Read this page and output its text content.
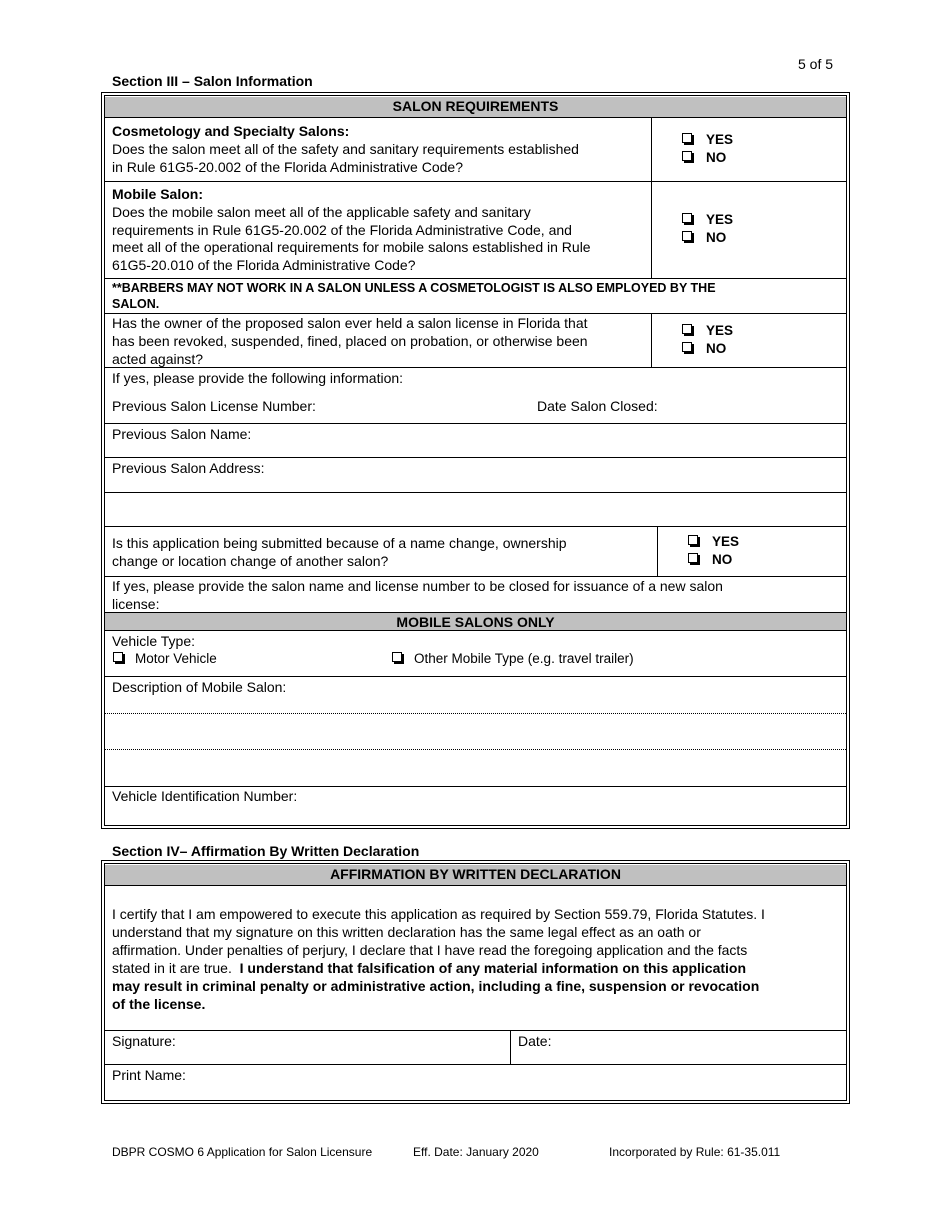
5 of 5
Section III – Salon Information
SALON REQUIREMENTS
Cosmetology and Specialty Salons:
Does the salon meet all of the safety and sanitary requirements established
in Rule 61G5-20.002 of the Florida Administrative Code?
YES
NO
Mobile Salon:
Does the mobile salon meet all of the applicable safety and sanitary
requirements in Rule 61G5-20.002 of the Florida Administrative Code, and
meet all of the operational requirements for mobile salons established in Rule
61G5-20.010 of the Florida Administrative Code?
YES
NO
**BARBERS MAY NOT WORK IN A SALON UNLESS A COSMETOLOGIST IS ALSO EMPLOYED BY THE
SALON.
Has the owner of the proposed salon ever held a salon license in Florida that
has been revoked, suspended, fined, placed on probation, or otherwise been
acted against?
YES
NO
If yes, please provide the following information:
Previous Salon License Number:	Date Salon Closed:
Previous Salon Name:
Previous Salon Address:
Is this application being submitted because of a name change, ownership
change or location change of another salon?
YES
NO
If yes, please provide the salon name and license number to be closed for issuance of a new salon
license:
MOBILE SALONS ONLY
Vehicle Type:
Motor Vehicle	Other Mobile Type (e.g. travel trailer)
Description of Mobile Salon:
Vehicle Identification Number:
Section IV– Affirmation By Written Declaration
AFFIRMATION BY WRITTEN DECLARATION
I certify that I am empowered to execute this application as required by Section 559.79, Florida Statutes. I
understand that my signature on this written declaration has the same legal effect as an oath or
affirmation. Under penalties of perjury, I declare that I have read the foregoing application and the facts
stated in it are true.  I understand that falsification of any material information on this application
may result in criminal penalty or administrative action, including a fine, suspension or revocation
of the license.
Signature:	Date:
Print Name:
DBPR COSMO 6 Application for Salon Licensure	Eff. Date: January 2020	Incorporated by Rule: 61-35.011
